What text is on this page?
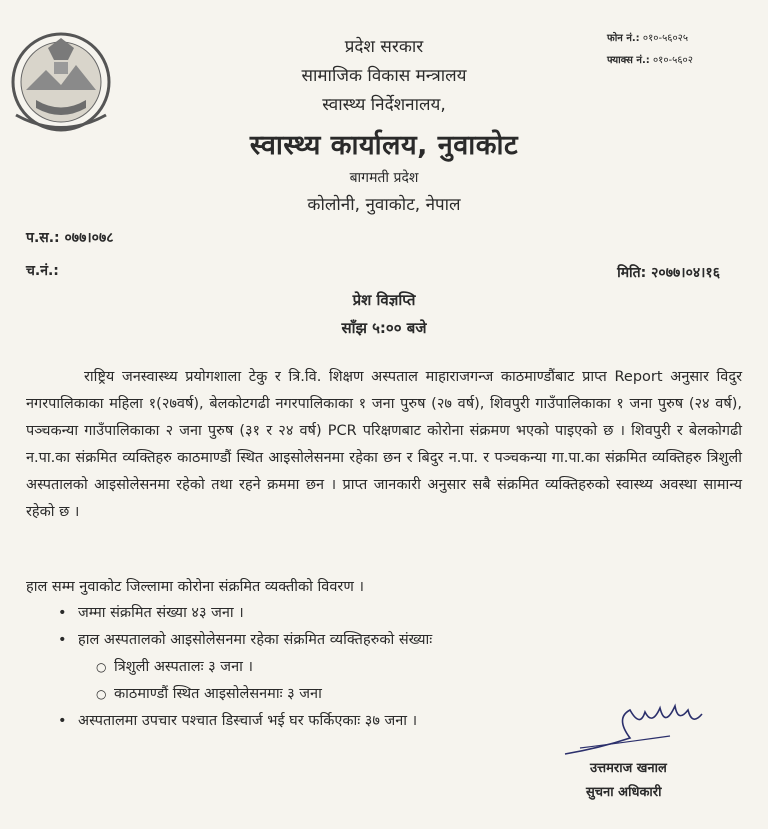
प्रदेश सरकार
सामाजिक विकास मन्त्रालय
स्वास्थ्य निर्देशनालय,
स्वास्थ्य कार्यालय, नुवाकोट
बागमती प्रदेश
कोलोनी, नुवाकोट, नेपाल
फोन नं.: ०१०-५६०२५
फ्याक्स नं.: ०१०-५६०२
प.स.: ०७७।०७८
च.नं.:	मिति: २०७७।०४।१६
प्रेश विज्ञप्ति
साँझ ५:०० बजे
राष्ट्रिय जनस्वास्थ्य प्रयोगशाला टेकु र त्रि.वि. शिक्षण अस्पताल माहाराजगन्ज काठमाण्डौंबाट प्राप्त Report अनुसार विदुर नगरपालिकाका महिला १(२७वर्ष), बेलकोटगढी नगरपालिकाका १ जना पुरुष (२७ वर्ष), शिवपुरी गाउँपालिकाका १ जना पुरुष (२४ वर्ष), पञ्चकन्या गाउँपालिकाका २ जना पुरुष (३१ र २४ वर्ष) PCR परिक्षणबाट कोरोना संक्रमण भएको पाइएको छ । शिवपुरी र बेलकोगढी न.पा.का संक्रमित व्यक्तिहरु काठमाण्डौं स्थित आइसोलेसनमा रहेका छन र बिदुर न.पा. र पञ्चकन्या गा.पा.का संक्रमित व्यक्तिहरु त्रिशुली अस्पतालको आइसोलेसनमा रहेको तथा रहने क्रममा छन । प्राप्त जानकारी अनुसार सबै संक्रमित व्यक्तिहरुको स्वास्थ्य अवस्था सामान्य रहेको छ ।
हाल सम्म नुवाकोट जिल्लामा कोरोना संक्रमित व्यक्तीको विवरण ।
• जम्मा संक्रमित संख्या ४३ जना ।
• हाल अस्पतालको आइसोलेसनमा रहेका संक्रमित व्यक्तिहरुको संख्याः
○ त्रिशुली अस्पतालः ३ जना ।
○ काठमाण्डौं स्थित आइसोलेसनमाः ३ जना
• अस्पतालमा उपचार पश्चात डिस्चार्ज भई घर फर्किएकाः ३७ जना ।
उत्तमराज खनाल
सुचना अधिकारी
